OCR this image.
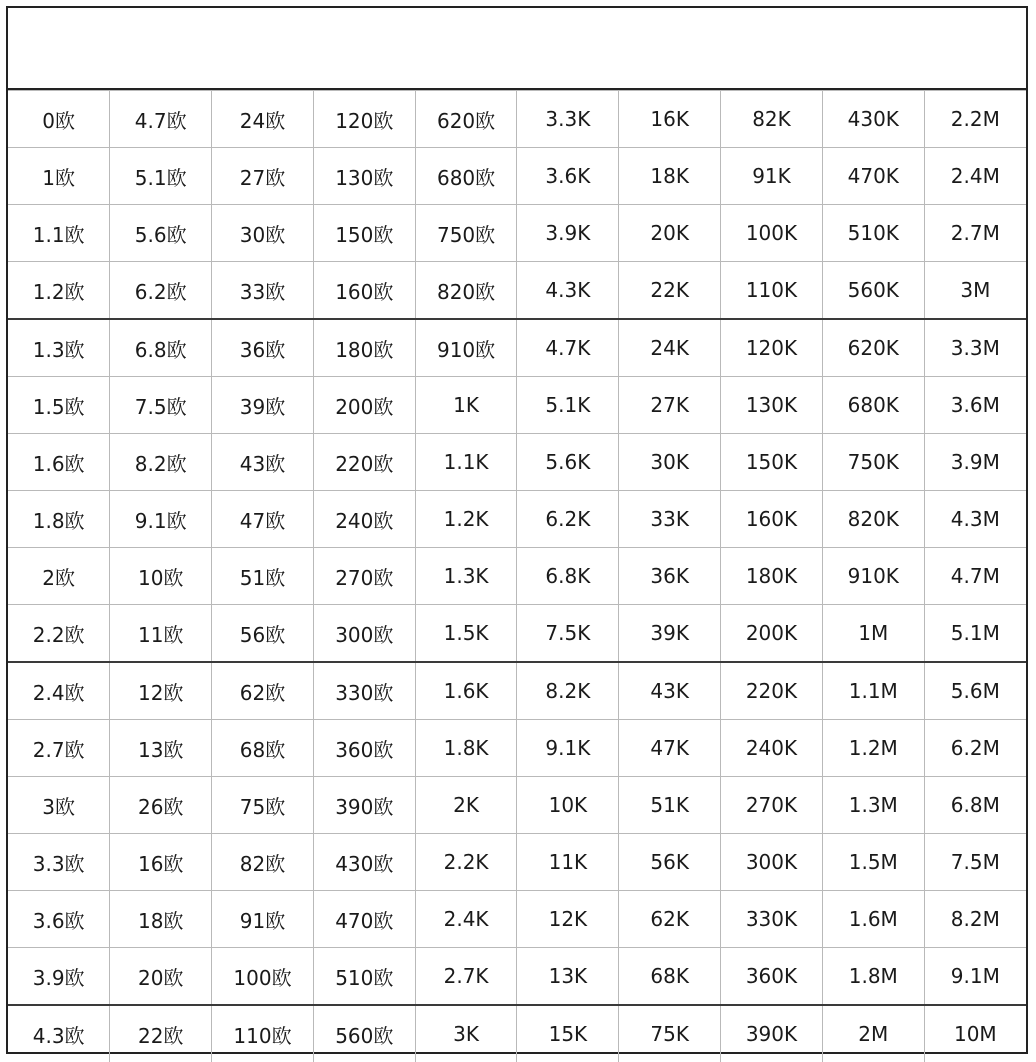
0欧	4.7欧	24欧	120欧	620欧	3.3K	16K	82K	430K	2.2M
1欧	5.1欧	27欧	130欧	680欧	3.6K	18K	91K	470K	2.4M
1.1欧	5.6欧	30欧	150欧	750欧	3.9K	20K	100K	510K	2.7M
1.2欧	6.2欧	33欧	160欧	820欧	4.3K	22K	110K	560K	3M
1.3欧	6.8欧	36欧	180欧	910欧	4.7K	24K	120K	620K	3.3M
1.5欧	7.5欧	39欧	200欧	1K	5.1K	27K	130K	680K	3.6M
1.6欧	8.2欧	43欧	220欧	1.1K	5.6K	30K	150K	750K	3.9M
1.8欧	9.1欧	47欧	240欧	1.2K	6.2K	33K	160K	820K	4.3M
2欧	10欧	51欧	270欧	1.3K	6.8K	36K	180K	910K	4.7M
2.2欧	11欧	56欧	300欧	1.5K	7.5K	39K	200K	1M	5.1M
2.4欧	12欧	62欧	330欧	1.6K	8.2K	43K	220K	1.1M	5.6M
2.7欧	13欧	68欧	360欧	1.8K	9.1K	47K	240K	1.2M	6.2M
3欧	26欧	75欧	390欧	2K	10K	51K	270K	1.3M	6.8M
3.3欧	16欧	82欧	430欧	2.2K	11K	56K	300K	1.5M	7.5M
3.6欧	18欧	91欧	470欧	2.4K	12K	62K	330K	1.6M	8.2M
3.9欧	20欧	100欧	510欧	2.7K	13K	68K	360K	1.8M	9.1M
4.3欧	22欧	110欧	560欧	3K	15K	75K	390K	2M	10M
